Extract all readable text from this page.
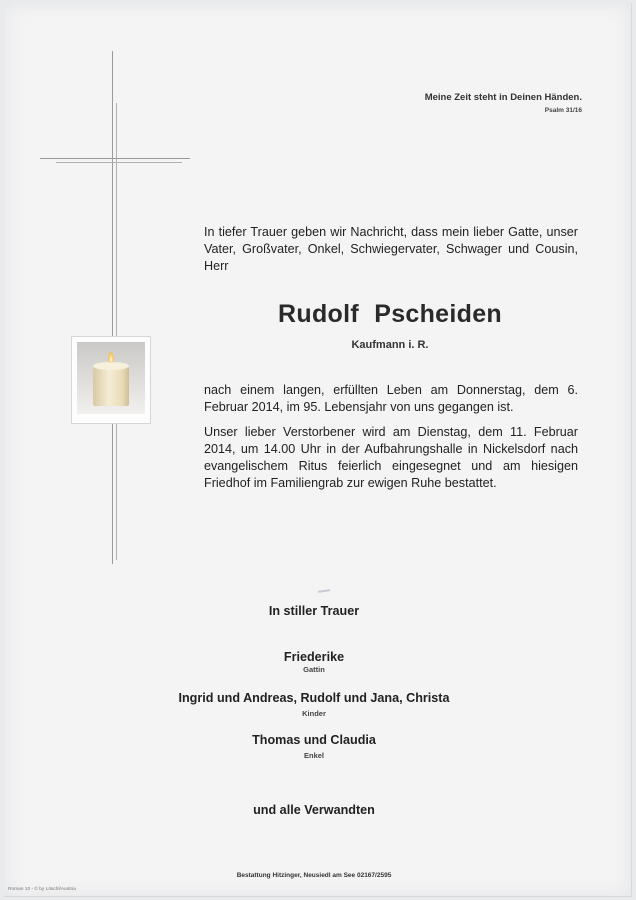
Meine Zeit steht in Deinen Händen.
Psalm 31/16
In tiefer Trauer geben wir Nachricht, dass mein lieber Gatte, unser Vater, Großvater, Onkel, Schwiegervater, Schwager und Cousin, Herr
Rudolf Pscheiden
Kaufmann i. R.
nach einem langen, erfüllten Leben am Donnerstag, dem 6. Februar 2014, im 95. Lebensjahr von uns gegangen ist.
Unser lieber Verstorbener wird am Dienstag, dem 11. Februar 2014, um 14.00 Uhr in der Aufbahrungshalle in Nickelsdorf nach evangelischem Ritus feierlich eingesegnet und am hiesigen Friedhof im Familiengrab zur ewigen Ruhe bestattet.
In stiller Trauer
Friederike
Gattin
Ingrid und Andreas, Rudolf und Jana, Christa
Kinder
Thomas und Claudia
Enkel
und alle Verwandten
Bestattung Hitzinger, Neusiedl am See 02167/2595
Roman 10 - © by Löschl/Austria
